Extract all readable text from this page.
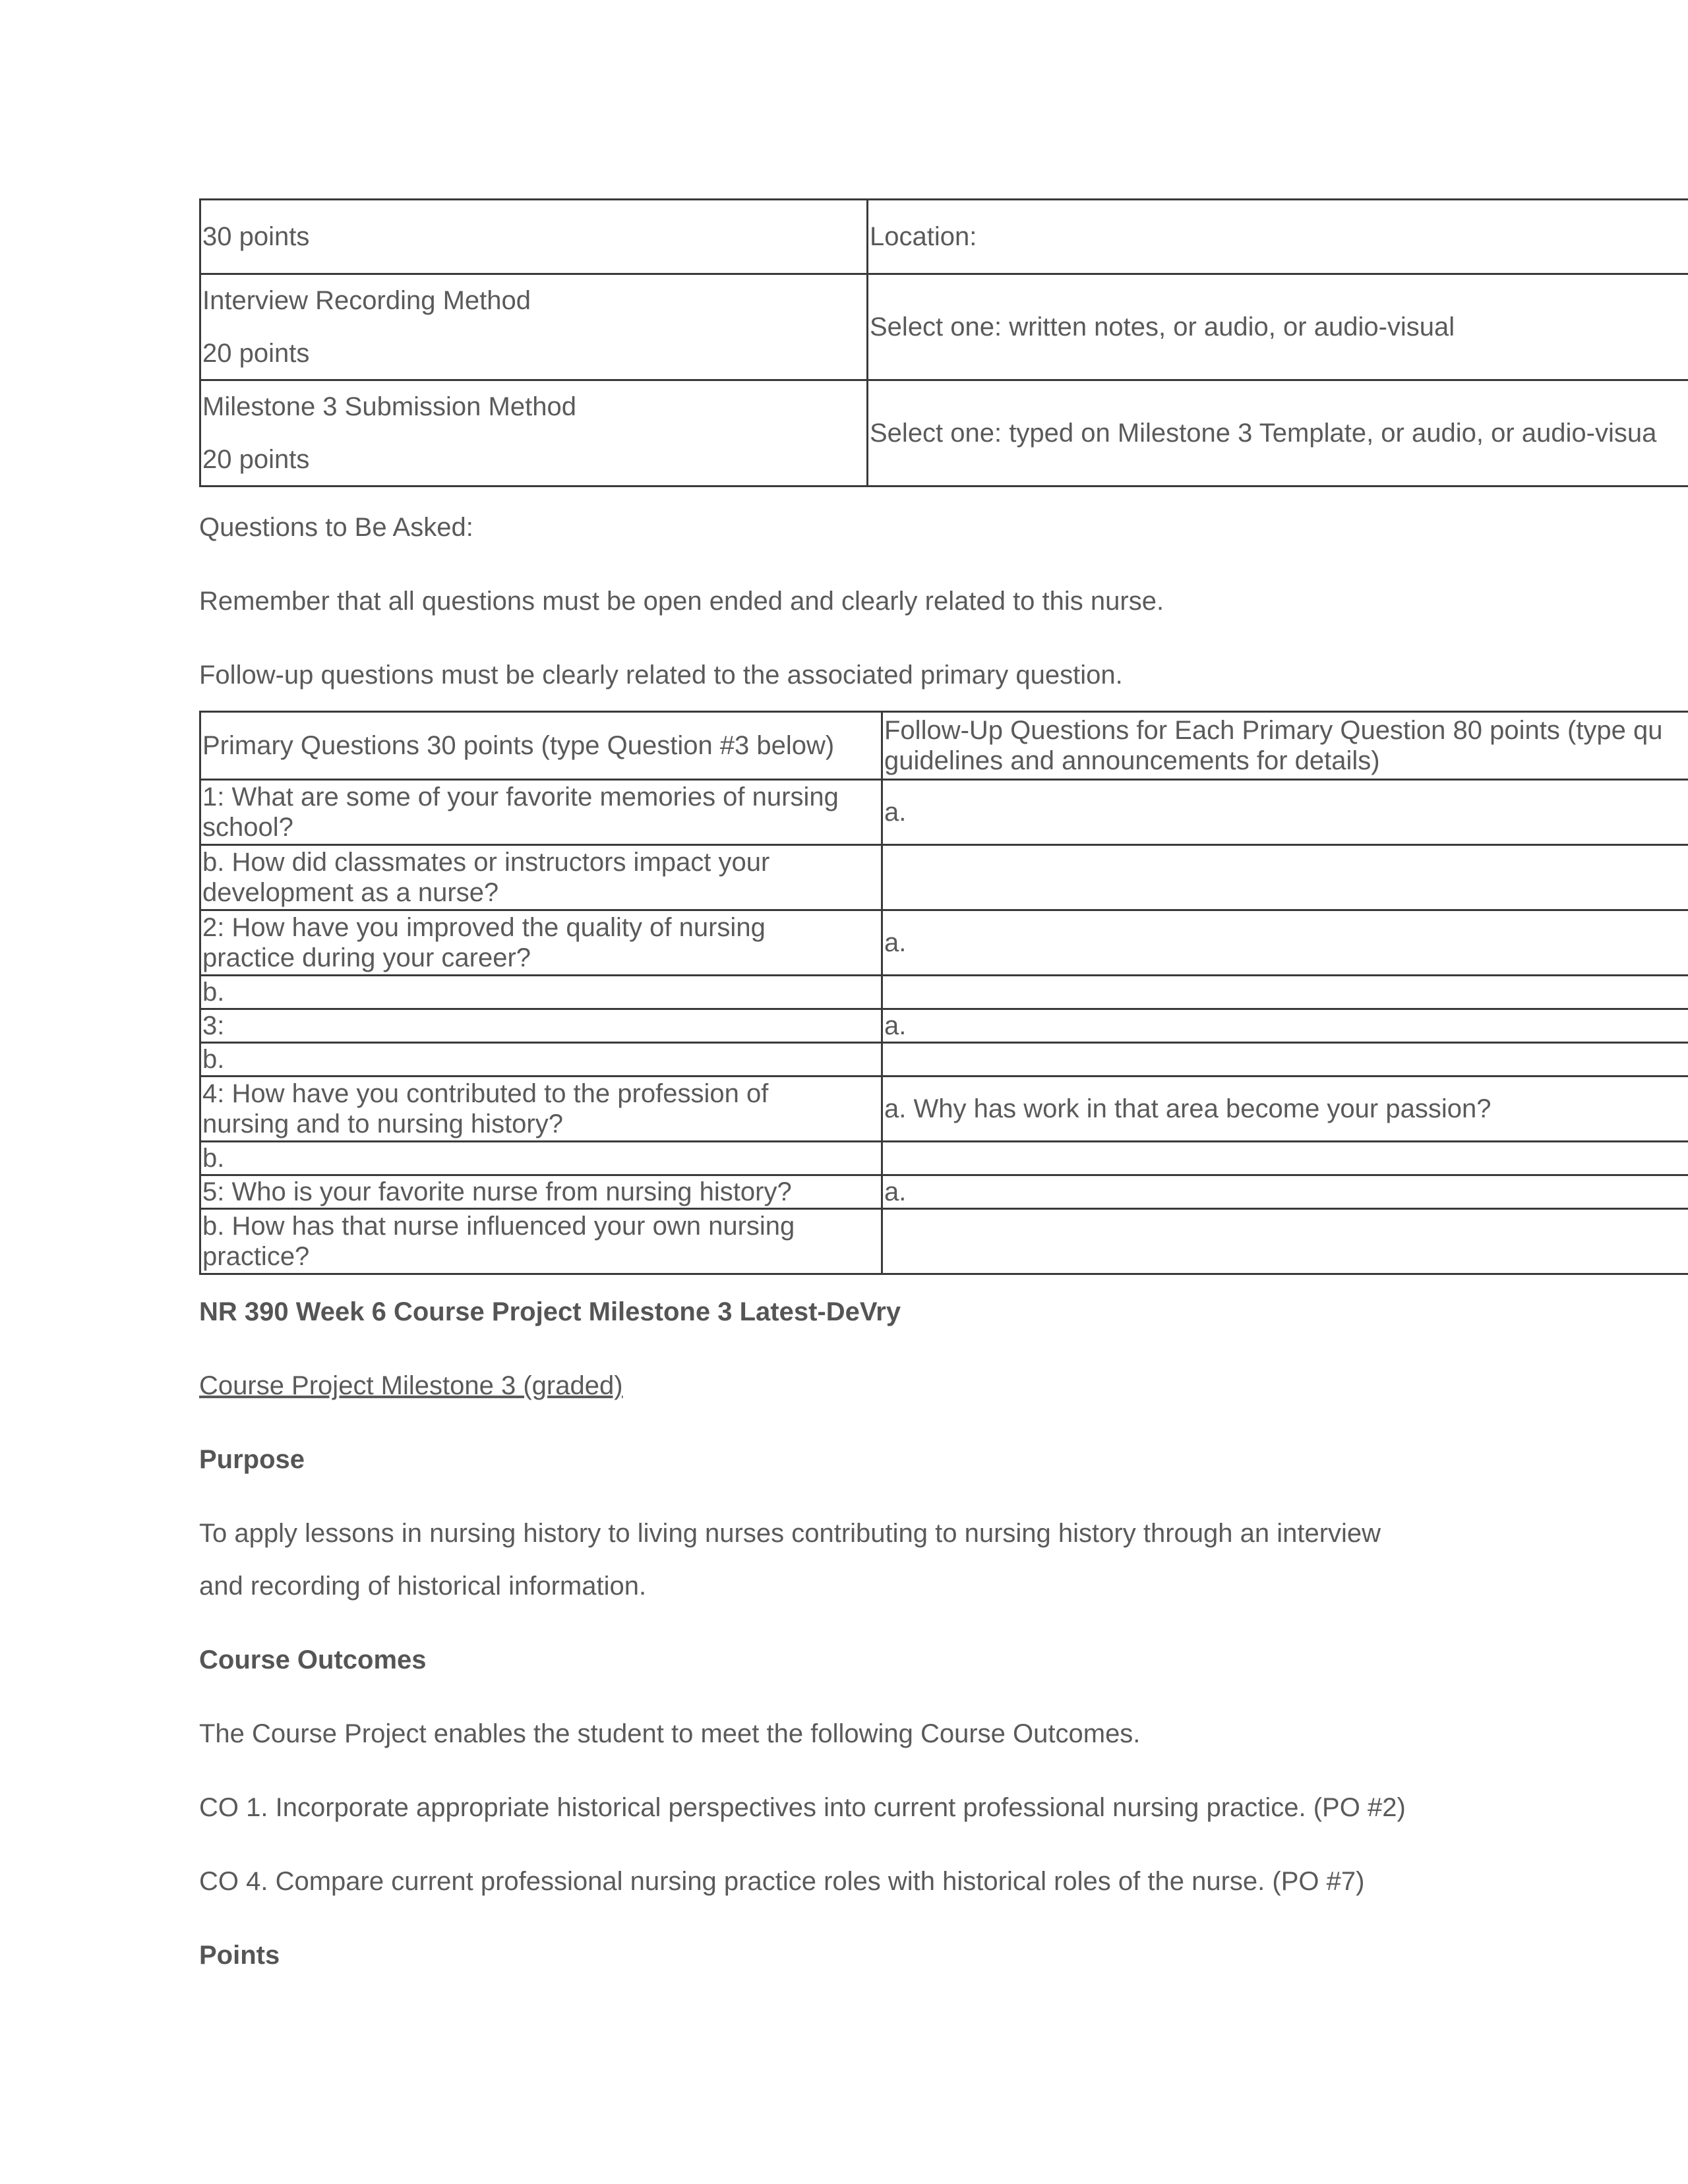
30 points	Location:

Interview Recording Method
20 points	Select one: written notes, or audio, or audio-visual

Milestone 3 Submission Method
20 points	Select one: typed on Milestone 3 Template, or audio, or audio-visua

Questions to Be Asked:

Remember that all questions must be open ended and clearly related to this nurse.

Follow-up questions must be clearly related to the associated primary question.

Primary Questions 30 points (type Question #3 below)	Follow-Up Questions for Each Primary Question 80 points (type qu
guidelines and announcements for details)

1: What are some of your favorite memories of nursing
school?	a.

b. How did classmates or instructors impact your
development as a nurse?	

2: How have you improved the quality of nursing
practice during your career?	a.
b.	
3:	a.
b.	

4: How have you contributed to the profession of
nursing and to nursing history?	a. Why has work in that area become your passion?
b.	
5: Who is your favorite nurse from nursing history?	a.

b. How has that nurse influenced your own nursing
practice?	

NR 390 Week 6 Course Project Milestone 3 Latest-DeVry

Course Project Milestone 3 (graded)

Purpose

To apply lessons in nursing history to living nurses contributing to nursing history through an interview

and recording of historical information.

Course Outcomes

The Course Project enables the student to meet the following Course Outcomes.

CO 1. Incorporate appropriate historical perspectives into current professional nursing practice. (PO #2)

CO 4. Compare current professional nursing practice roles with historical roles of the nurse. (PO #7)

Points
